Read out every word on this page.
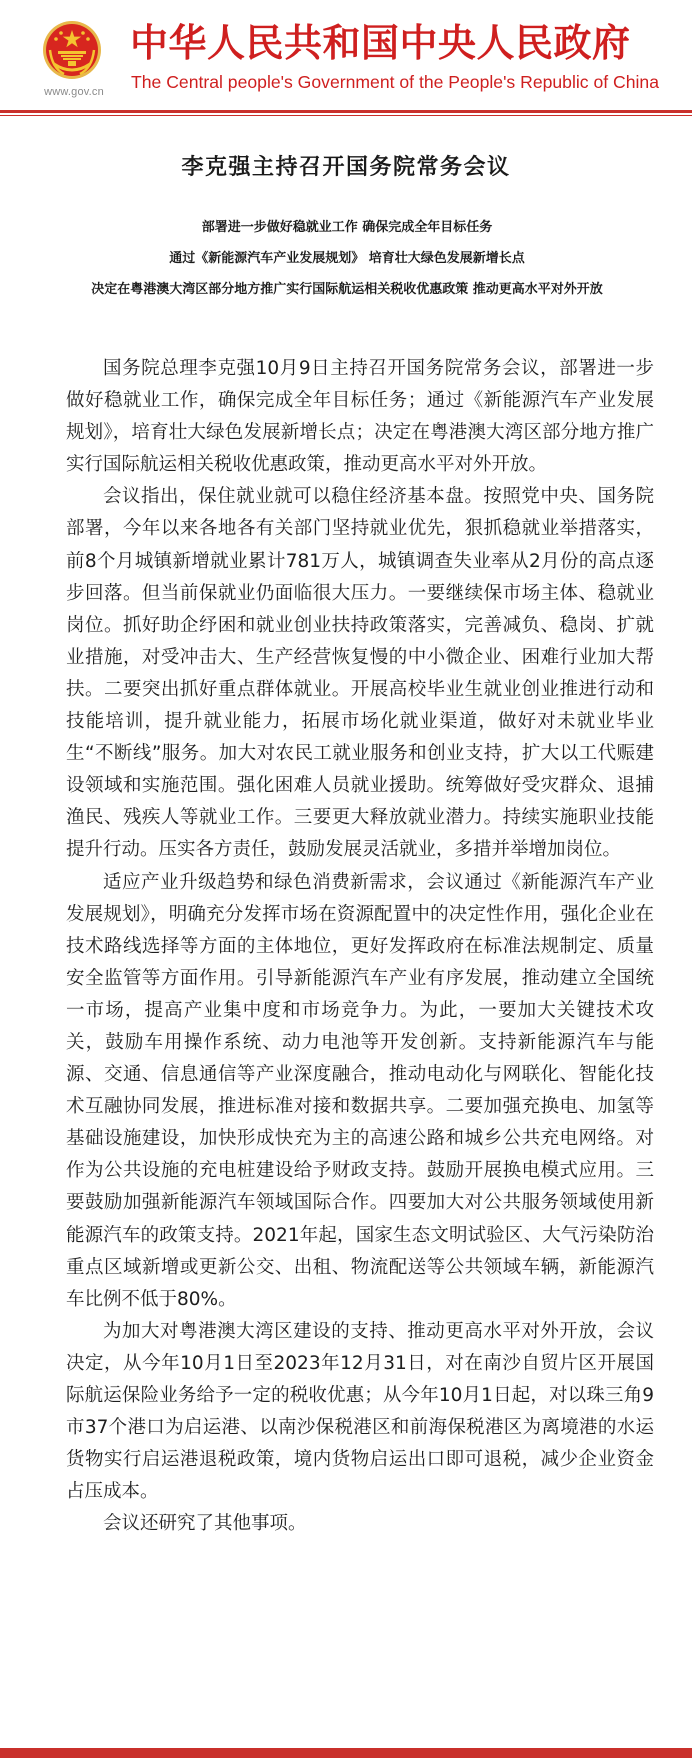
www.gov.cn
中华人民共和国中央人民政府
The Central people's Government of the People's Republic of China
李克强主持召开国务院常务会议
部署进一步做好稳就业工作 确保完成全年目标任务
通过《新能源汽车产业发展规划》 培育壮大绿色发展新增长点
决定在粤港澳大湾区部分地方推广实行国际航运相关税收优惠政策 推动更高水平对外开放

国务院总理李克强10月9日主持召开国务院常务会议，部署进一步做好稳就业工作，确保完成全年目标任务；通过《新能源汽车产业发展规划》，培育壮大绿色发展新增长点；决定在粤港澳大湾区部分地方推广实行国际航运相关税收优惠政策，推动更高水平对外开放。

会议指出，保住就业就可以稳住经济基本盘。按照党中央、国务院部署，今年以来各地各有关部门坚持就业优先，狠抓稳就业举措落实，前8个月城镇新增就业累计781万人，城镇调查失业率从2月份的高点逐步回落。但当前保就业仍面临很大压力。一要继续保市场主体、稳就业岗位。抓好助企纾困和就业创业扶持政策落实，完善减负、稳岗、扩就业措施，对受冲击大、生产经营恢复慢的中小微企业、困难行业加大帮扶。二要突出抓好重点群体就业。开展高校毕业生就业创业推进行动和技能培训，提升就业能力，拓展市场化就业渠道，做好对未就业毕业生“不断线”服务。加大对农民工就业服务和创业支持，扩大以工代赈建设领域和实施范围。强化困难人员就业援助。统筹做好受灾群众、退捕渔民、残疾人等就业工作。三要更大释放就业潜力。持续实施职业技能提升行动。压实各方责任，鼓励发展灵活就业，多措并举增加岗位。

适应产业升级趋势和绿色消费新需求，会议通过《新能源汽车产业发展规划》，明确充分发挥市场在资源配置中的决定性作用，强化企业在技术路线选择等方面的主体地位，更好发挥政府在标准法规制定、质量安全监管等方面作用。引导新能源汽车产业有序发展，推动建立全国统一市场，提高产业集中度和市场竞争力。为此，一要加大关键技术攻关，鼓励车用操作系统、动力电池等开发创新。支持新能源汽车与能源、交通、信息通信等产业深度融合，推动电动化与网联化、智能化技术互融协同发展，推进标准对接和数据共享。二要加强充换电、加氢等基础设施建设，加快形成快充为主的高速公路和城乡公共充电网络。对作为公共设施的充电桩建设给予财政支持。鼓励开展换电模式应用。三要鼓励加强新能源汽车领域国际合作。四要加大对公共服务领域使用新能源汽车的政策支持。2021年起，国家生态文明试验区、大气污染防治重点区域新增或更新公交、出租、物流配送等公共领域车辆，新能源汽车比例不低于80%。

为加大对粤港澳大湾区建设的支持、推动更高水平对外开放，会议决定，从今年10月1日至2023年12月31日，对在南沙自贸片区开展国际航运保险业务给予一定的税收优惠；从今年10月1日起，对以珠三角9市37个港口为启运港、以南沙保税港区和前海保税港区为离境港的水运货物实行启运港退税政策，境内货物启运出口即可退税，减少企业资金占压成本。

会议还研究了其他事项。
